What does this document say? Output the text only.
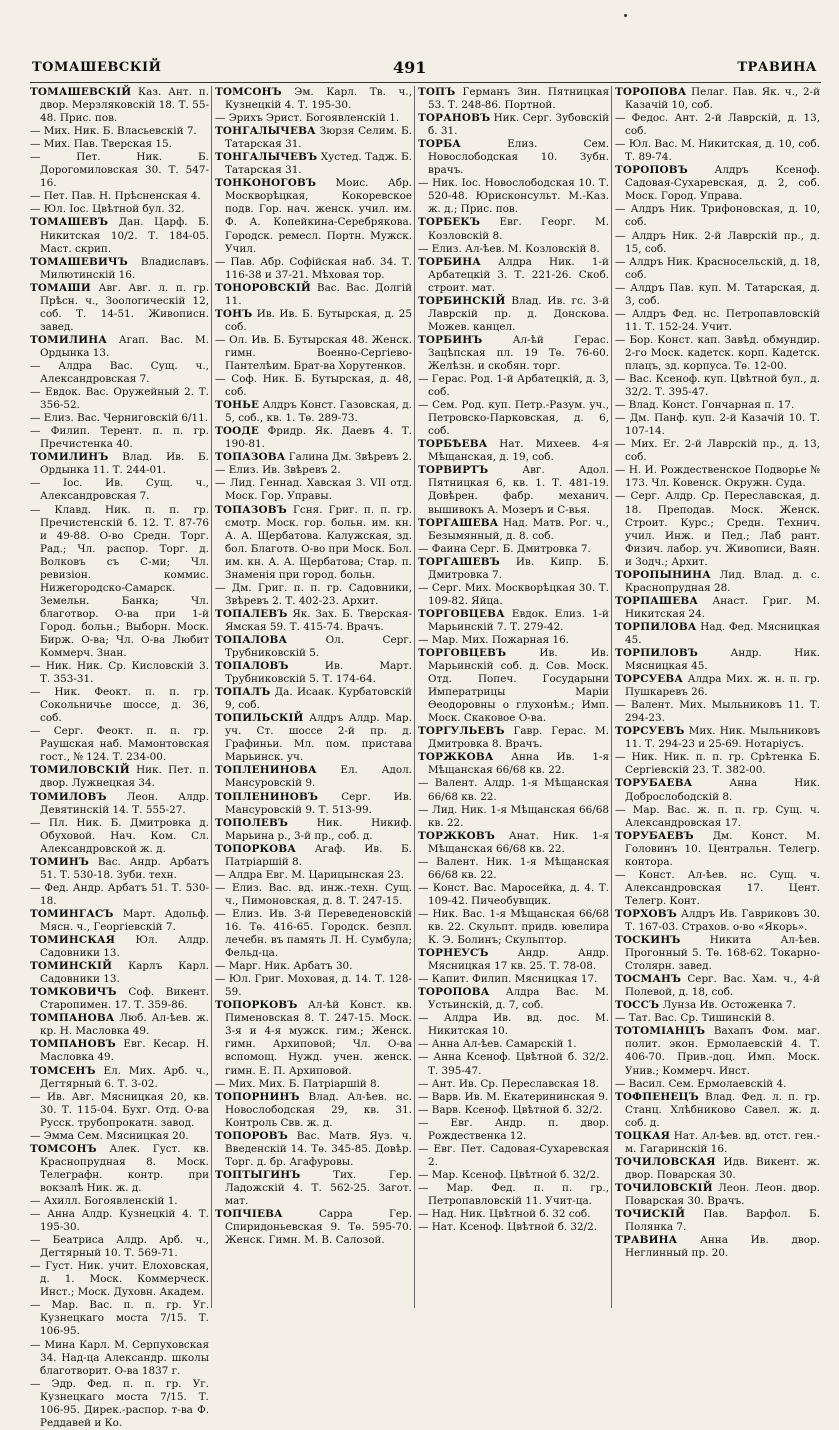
ТОМАШЕВСКІЙ	491	ТРАВИНА

ТОМАШЕВСКІЙ Каз. Ант. п. двор. Мерзляковскій 18. Т. 55-48. Прис. пов.

— Мих. Ник. Б. Власьевскій 7.

— Мих. Пав. Тверская 15.

— Пет. Ник. Б. Дорогомиловская 30. Т. 547-16.

— Пет. Пав. Н. Прѣсненская 4.

— Юл. Іос. Цвѣтной бул. 32.

ТОМАШЕВЪ Дан. Царф. Б. Никитская 10/2. Т. 184-05. Маст. скрип.

ТОМАШЕВИЧЪ Владиславъ. Милютинскій 16.

ТОМАШИ Авг. Авг. л. п. гр. Прѣсн. ч., Зоологическій 12, соб. Т. 14-51. Живописн. завед.

ТОМИЛИНА Агап. Вас. М. Ордынка 13.

— Алдра Вас. Сущ. ч., Александровская 7.

— Евдок. Вас. Оружейный 2. Т. 356-52.

— Елиз. Вас. Черниговскій 6/11.

— Филип. Терент. п. п. гр. Пречистенка 40.

ТОМИЛИНЪ Влад. Ив. Б. Ордынка 11. Т. 244-01.

— Іос. Ив. Сущ. ч., Александровская 7.

— Клавд. Ник. п. п. гр. Пречистенскій б. 12. Т. 87-76 и 49-88. О-во Средн. Торг. Рад.; Чл. распор. Торг. д. Волковъ съ С-ми; Чл. ревизіон. коммис. Нижегородско-Самарск. Земельн. Банка; Чл. благотвор. О-ва при 1-й Город. больн.; Выборн. Моск. Бирж. О-ва; Чл. О-ва Любит Коммерч. Знан.

— Ник. Ник. Ср. Кисловскій 3. Т. 353-31.

— Ник. Феокт. п. п. гр. Сокольничье шоссе, д. 36, соб.

— Серг. Феокт. п. п. гр. Раушская наб. Мамонтовская гост., № 124. Т. 234-00.

ТОМИЛОВСКІЙ Ник. Пет. п. двор. Лужнецкая 34.

ТОМИЛОВЪ Леон. Алдр. Девятинскій 14. Т. 555-27.

— Пл. Ник. Б. Дмитровка д. Обуховой. Нач. Ком. Сл. Александровской ж. д.

ТОМИНЪ Вас. Андр. Арбатъ 51. Т. 530-18. Зуби. техн.

— Фед. Андр. Арбатъ 51. Т. 530-18.

ТОМИНГАСЪ Март. Адольф. Мясн. ч., Георгіевскій 7.

ТОМИНСКАЯ Юл. Алдр. Садовники 13.

ТОМИНСКІЙ Карлъ Карл. Садовники 13.

ТОМКОВИЧЪ Соф. Викент. Старопимен. 17. Т. 359-86.

ТОМПАНОВА Люб. Ал-ѣев. ж. кр. Н. Масловка 49.

ТОМПАНОВЪ Евг. Кесар. Н. Масловка 49.

ТОМСЕНЪ Ел. Мих. Арб. ч., Дегтярный 6. Т. 3-02.

— Ив. Авг. Мясницкая 20, кв. 30. Т. 115-04. Бухг. Отд. О-ва Русск. трубопрокатн. завод.

— Эмма Сем. Мясницкая 20.

ТОМСОНЪ Алек. Густ. кв. Краснопрудная 8. Моск. Телеграфн. контр. при вокзалѣ Ник. ж. д.

— Ахилл. Богоявленскій 1.

— Анна Алдр. Кузнецкій 4. Т. 195-30.

— Беатриса Алдр. Арб. ч., Дегтярный 10. Т. 569-71.

— Густ. Ник. учит. Елоховская, д. 1. Моск. Коммерческ. Инст.; Моск. Духовн. Академ.

— Мар. Вас. п. п. гр. Уг. Кузнецкаго моста 7/15. Т. 106-95.

— Мина Карл. М. Серпуховская 34. Над-ца Александр. школы благотворит. О-ва 1837 г.

— Эдр. Фед. п. п. гр. Уг. Кузнецкаго моста 7/15. Т. 106-95. Дирек.-распор. т-ва Ф. Реддавей и Ко.

ТОМСОНЪ Эм. Карл. Тв. ч., Кузнецкій 4. Т. 195-30.

— Эрихъ Эрист. Богоявленскій 1.

ТОНГАЛЫЧЕВА Зюрзя Селим. Б. Татарская 31.

ТОНГАЛЫЧЕВЪ Хустед. Тадж. Б. Татарская 31.

ТОНКОНОГОВЪ Моис. Абр. Москворѣцкая, Кокоревское подв. Гор. нач. женск. учил. им. Ф. А. Копейкина-Серебрякова. Городск. ремесл. Портн. Мужск. Учил.

— Пав. Абр. Софійская наб. 34. Т. 116-38 и 37-21. Мѣховая тор.

ТОНОРОВСКІЙ Вас. Вас. Долгій 11.

ТОНЪ Ив. Ив. Б. Бутырская, д. 25 соб.

— Ол. Ив. Б. Бутырская 48. Женск. гимн. Военно-Сергіево-Пантелѣим. Брат-ва Хорутенков.

— Соф. Ник. Б. Бутырская, д. 48, соб.

ТОНЬЕ Алдръ Конст. Газовская, д. 5, соб., кв. 1. Тѳ. 289-73.

ТООДЕ Фридр. Як. Даевъ 4. Т. 190-81.

ТОПАЗОВА Галина Дм. Звѣревъ 2.

— Елиз. Ив. Звѣревъ 2.

— Лид. Геннад. Хавская 3. VII отд. Моск. Гор. Управы.

ТОПАЗОВЪ Гсня. Григ. п. п. гр. смотр. Моск. гор. больн. им. кн. А. А. Щербатова. Калужская, зд. бол. Благотв. О-во при Моск. Бол. им. кн. А. А. Щербатова; Стар. п. Знаменія при город. больн.

— Дм. Григ. п. п. гр. Садовники, Звѣревъ 2. Т. 402-23. Архит.

ТОПАЛЕВЪ Як. Зах. Б. Тверская-Ямская 59. Т. 415-74. Врачъ.

ТОПАЛОВА Ол. Серг. Трубниковскій 5.

ТОПАЛОВЪ Ив. Март. Трубниковскій 5. Т. 174-64.

ТОПАЛЪ Да. Исаак. Курбатовскій 9, соб.

ТОПИЛЬСКІЙ Алдръ Алдр. Мар. уч. Ст. шоссе 2-й пр. д. Графиньи. Мл. пом. пристава Марьинск. уч.

ТОПЛЕНИНОВА Ел. Адол. Мансуровскій 9.

ТОПЛЕНИНОВЪ Серг. Ив. Мансуровскій 9. Т. 513-99.

ТОПОЛЕВЪ Ник. Никиф. Марьина р., 3-й пр., соб. д.

ТОПОРКОВА Агаф. Ив. Б. Патріаршій 8.

— Алдра Евг. М. Царицынская 23.

— Елиз. Вас. вд. инж.-техн. Сущ. ч., Пимоновская, д. 8. Т. 247-15.

— Елиз. Ив. 3-й Переведеновскій 16. Тѳ. 416-65. Городск. безпл. лечебн. въ память Л. Н. Сумбула; Фельд-ца.

— Марг. Ник. Арбатъ 30.

— Юл. Григ. Моховая, д. 14. Т. 128-59.

ТОПОРКОВЪ Ал-ѣй Конст. кв. Пименовская 8. Т. 247-15. Моск. 3-я и 4-я мужск. гим.; Женск. гимн. Архиповой; Чл. О-ва вспомощ. Нужд. учен. женск. гимн. Е. П. Архиповой.

— Мих. Мих. Б. Патріаршій 8.

ТОПОРНИНЪ Влад. Ал-ѣев. нс. Новослободская 29, кв. 31. Контроль Свв. ж. д.

ТОПОРОВЪ Вас. Матв. Яуз. ч. Введенскій 14. Тѳ. 345-85. Довѣр. Торг. д. бр. Агафуровы.

ТОПТЫГИНЪ Тих. Гер. Ладожскій 4. Т. 562-25. Загот. мат.

ТОПЧІЕВА Сарра Гер. Спиридоньевская 9. Тѳ. 595-70. Женск. Гимн. М. В. Салозой.

ТОПЪ Германъ Зин. Пятницкая 53. Т. 248-86. Портной.

ТОРАНОВЪ Ник. Серг. Зубовскій б. 31.

ТОРБА Елиз. Сем. Новослободская 10. Зубн. врачъ.

— Ник. Іос. Новослободская 10. Т. 520-48. Юрисконсульт. М.-Каз. ж. д.; Прис. пов.

ТОРБЕКЪ Евг. Георг. М. Козловскій 8.

— Елиз. Ал-ѣев. М. Козловскій 8.

ТОРБИНА Алдра Ник. 1-й Арбатецкій 3. Т. 221-26. Скоб. строит. мат.

ТОРБИНСКІЙ Влад. Ив. гс. 3-й Лаврскій пр. д. Донскова. Можев. канцел.

ТОРБИНЪ Ал-ѣй Герас. Зацѣпская пл. 19 Тѳ. 76-60. Желѣзн. и скобян. торг.

— Герас. Род. 1-й Арбатецкій, д. 3, соб.

— Сем. Род. куп. Петр.-Разум. уч., Петровско-Парковская, д. 6, соб.

ТОРБѢЕВА Нат. Михеев. 4-я Мѣщанская, д. 19, соб.

ТОРВИРТЪ Авг. Адол. Пятницкая 6, кв. 1. Т. 481-19. Довѣрен. фабр. механич. вышивокъ А. Мозеръ и С-вья.

ТОРГАШЕВА Над. Матв. Рог. ч., Безымянный, д. 8. соб.

— Фаина Серг. Б. Дмитровка 7.

ТОРГАШЕВЪ Ив. Кипр. Б. Дмитровка 7.

— Серг. Мих. Москворѣцкая 30. Т. 109-82. Яйца.

ТОРГОВЦЕВА Евдок. Елиз. 1-й Марьинскій 7. Т. 279-42.

— Мар. Мих. Пожарная 16.

ТОРГОВЦЕВЪ Ив. Ив. Марьинскій соб. д. Сов. Моск. Отд. Попеч. Государыни Императрицы Маріи Ѳеодоровны о глухонѣм.; Имп. Моск. Скаковое О-ва.

ТОРГУЛЬЕВЪ Гавр. Герас. М. Дмитровка 8. Врачъ.

ТОРЖКОВА Анна Ив. 1-я Мѣщанская 66/68 кв. 22.

— Валент. Алдр. 1-я Мѣщанская 66/68 кв. 22.

— Лид. Ник. 1-я Мѣщанская 66/68 кв. 22.

ТОРЖКОВЪ Анат. Ник. 1-я Мѣщанская 66/68 кв. 22.

— Валент. Ник. 1-я Мѣщанская 66/68 кв. 22.

— Конст. Вас. Маросейка, д. 4. Т. 109-42. Пичеобувщик.

— Ник. Вас. 1-я Мѣщанская 66/68 кв. 22. Скульпт. придв. ювелира К. Э. Болинъ; Скульптор.

ТОРНЕУСЪ Андр. Андр. Мясницкая 17 кв. 25. Т. 78-08.

— Капит. Филип. Мясницкая 17.

ТОРОПОВА Алдра Вас. М. Устьинскій, д. 7, соб.

— Алдра Ив. вд. дос. М. Никитская 10.

— Анна Ал-ѣев. Самарскій 1.

— Анна Ксеноф. Цвѣтной б. 32/2. Т. 395-47.

— Ант. Ив. Ср. Переславская 18.

— Варв. Ив. М. Екатерининская 9.

— Варв. Ксеноф. Цвѣтной б. 32/2.

— Евг. Андр. п. двор. Рождественка 12.

— Евг. Пет. Садовая-Сухаревская 2.

— Мар. Ксеноф. Цвѣтной б. 32/2.

— Мар. Фед. п. п. гр., Петропавловскій 11. Учит-ца.

— Над. Ник. Цвѣтной б. 32 соб.

— Нат. Ксеноф. Цвѣтной б. 32/2.

ТОРОПОВА Пелаг. Пав. Як. ч., 2-й Казачій 10, соб.

— Федос. Ант. 2-й Лаврскій, д. 13, соб.

— Юл. Вас. М. Никитская, д. 10, соб. Т. 89-74.

ТОРОПОВЪ Алдръ Ксеноф. Садовая-Сухаревская, д. 2, соб. Моск. Город. Управа.

— Алдръ Ник. Трифоновская, д. 10, соб.

— Алдръ Ник. 2-й Лаврскій пр., д. 15, соб.

— Алдръ Ник. Красносельскій, д. 18, соб.

— Алдръ Пав. куп. М. Татарская, д. 3, соб.

— Алдръ Фед. нс. Петропавловскій 11. Т. 152-24. Учит.

— Бор. Конст. кап. Завѣд. обмундир. 2-го Моск. кадетск. корп. Кадетск. плацъ, зд. корпуса. Тѳ. 12-00.

— Вас. Ксеноф. куп. Цвѣтной бул., д. 32/2. Т. 395-47.

— Влад. Конст. Гончарная п. 17.

— Дм. Панф. куп. 2-й Казачій 10. Т. 107-14.

— Мих. Ег. 2-й Лаврскій пр., д. 13, соб.

— Н. И. Рождественское Подворье № 173. Чл. Ковенск. Окружн. Суда.

— Серг. Алдр. Ср. Переславская, д. 18. Преподав. Моск. Женск. Строит. Курс.; Средн. Технич. учил. Инж. и Пед.; Лаб рант. Физич. лабор. уч. Живописи, Ваян. и Зодч.; Архит.

ТОРОПЫНИНА Лид. Влад. д. с. Краснопрудная 28.

ТОРПАШЕВА Анаст. Григ. М. Никитская 24.

ТОРПИЛОВА Над. Фед. Мясницкая 45.

ТОРПИЛОВЪ Андр. Ник. Мясницкая 45.

ТОРСУЕВА Алдра Мих. ж. н. п. гр. Пушкаревъ 26.

— Валент. Мих. Мыльниковъ 11. Т. 294-23.

ТОРСУЕВЪ Мих. Ник. Мыльниковъ 11. Т. 294-23 и 25-69. Нотаріусъ.

— Ник. Ник. п. п. гр. Срѣтенка Б. Сергіевскій 23. Т. 382-00.

ТОРУБАЕВА Анна Ник. Доброслободскій 8.

— Мар. Вас. ж. п. п. гр. Сущ. ч. Александровская 17.

ТОРУБАЕВЪ Дм. Конст. М. Головинъ 10. Центральн. Телегр. контора.

— Конст. Ал-ѣев. нс. Сущ. ч. Александровская 17. Цент. Телегр. Конт.

ТОРХОВЪ Алдръ Ив. Гавриковъ 30. Т. 167-03. Страхов. о-во «Якорь».

ТОСКИНЪ Никита Ал-ѣев. Прогонный 5. Тѳ. 168-62. Токарно-Столярн. завед.

ТОСМАНЪ Серг. Вас. Хам. ч., 4-й Полевой, д. 18, соб.

ТОССЪ Лунза Ив. Остоженка 7.

— Тат. Вас. Ср. Тишинскій 8.

ТОТОМІАНЦЪ Вахапъ Фом. маг. полит. экон. Ермолаевскій 4. Т. 406-70. Прив.-доц. Имп. Моск. Унив.; Коммерч. Инст.

— Васил. Сем. Ермолаевскій 4.

ТОФПЕНЕЦЪ Влад. Фед. л. п. гр. Станц. Хлѣбниково Савел. ж. д. соб. д.

ТОЦКАЯ Нат. Ал-ѣев. вд. отст. ген.-м. Гагаринскій 16.

ТОЧИЛОВСКАЯ Идв. Викент. ж. двор. Поварская 30.

ТОЧИЛОВСКІЙ Леон. Леон. двор. Поварская 30. Врачъ.

ТОЧИСКІЙ Пав. Варфол. Б. Полянка 7.

ТРАВИНА Анна Ив. двор. Неглинный пр. 20.
